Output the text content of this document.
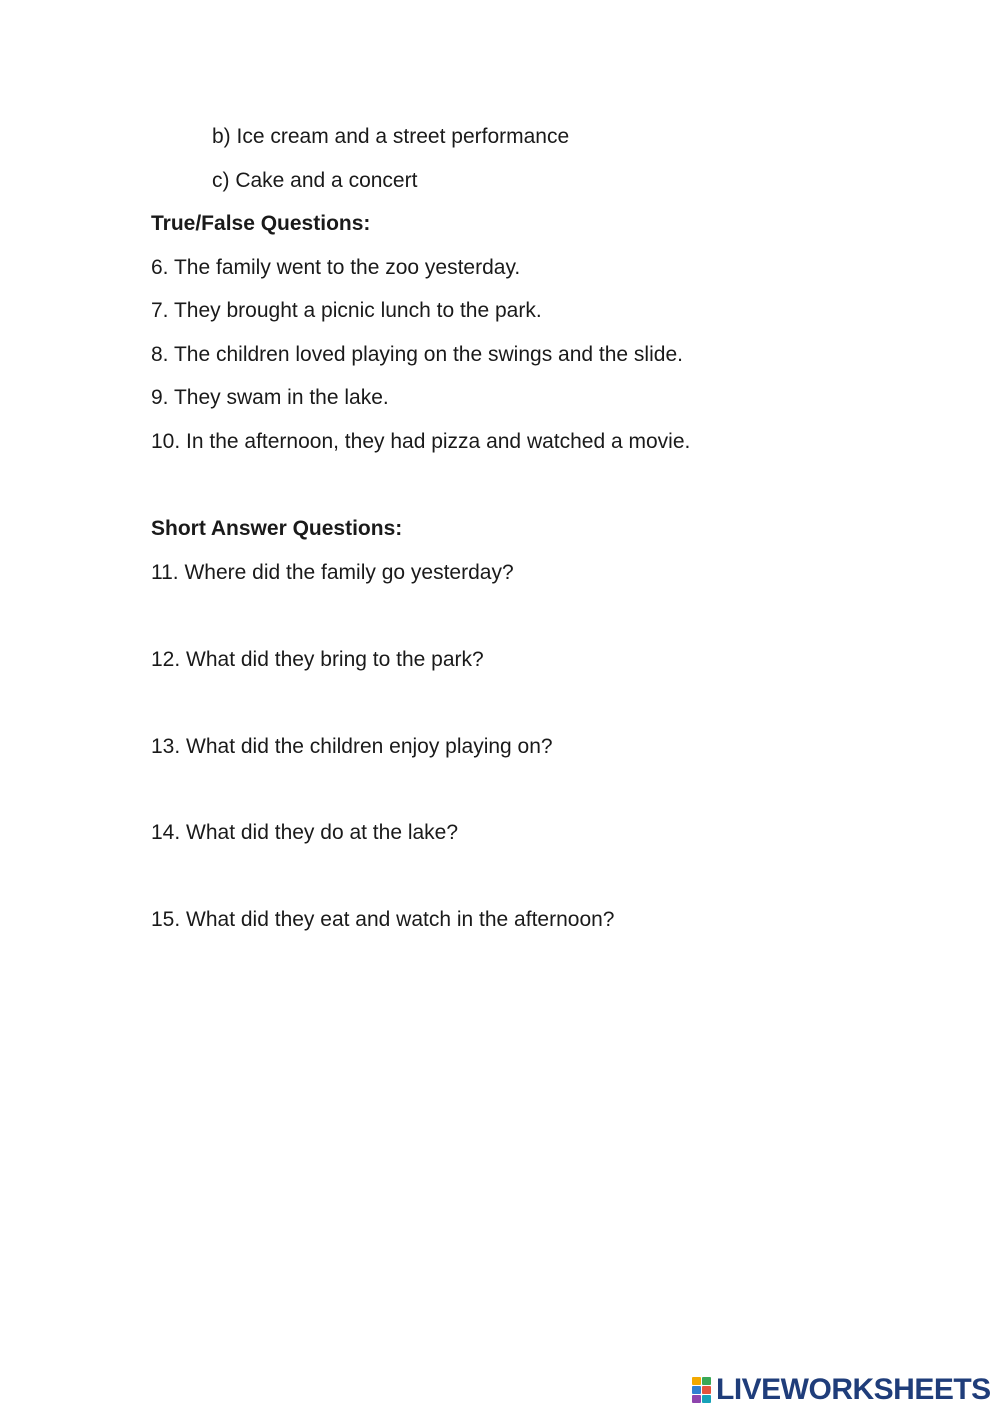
b) Ice cream and a street performance
c) Cake and a concert
True/False Questions:
6. The family went to the zoo yesterday.
7. They brought a picnic lunch to the park.
8. The children loved playing on the swings and the slide.
9. They swam in the lake.
10. In the afternoon, they had pizza and watched a movie.
Short Answer Questions:
11. Where did the family go yesterday?
12. What did they bring to the park?
13. What did the children enjoy playing on?
14. What did they do at the lake?
15. What did they eat and watch in the afternoon?
LIVEWORKSHEETS
